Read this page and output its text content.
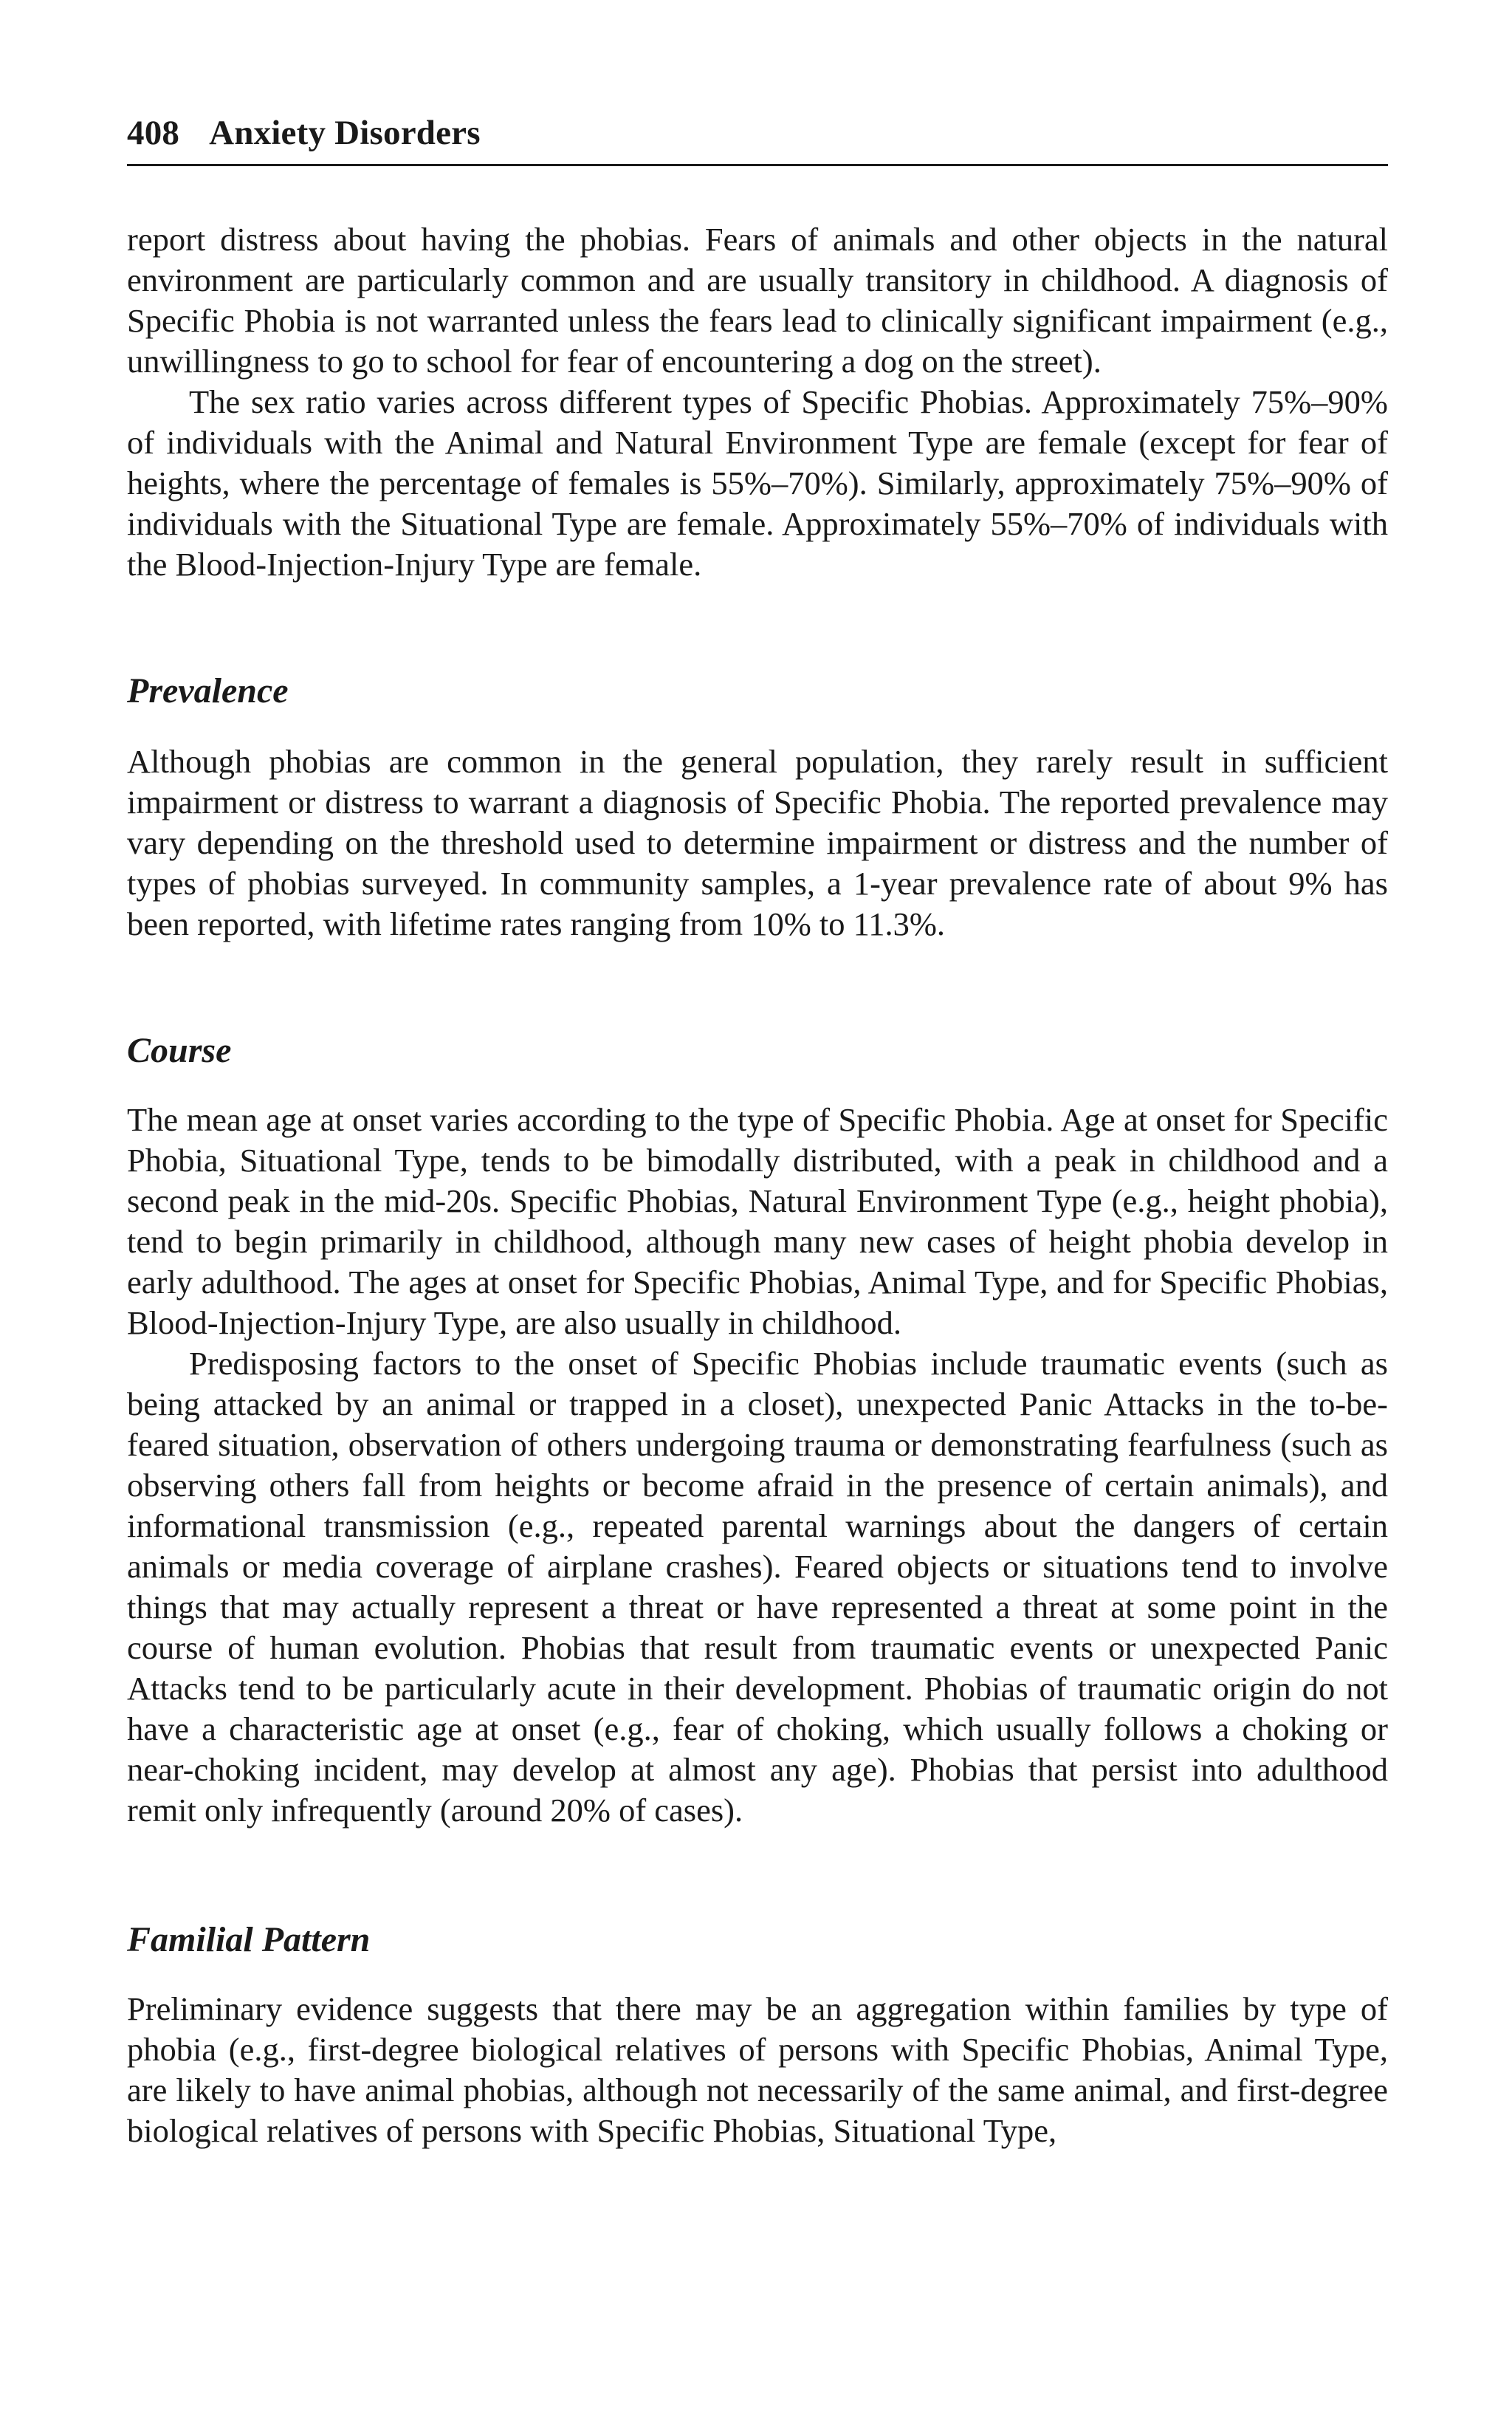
408 Anxiety Disorders

report distress about having the phobias. Fears of animals and other objects in the natural environment are particularly common and are usually transitory in childhood. A diagnosis of Specific Phobia is not warranted unless the fears lead to clinically significant impairment (e.g., unwillingness to go to school for fear of encountering a dog on the street).

The sex ratio varies across different types of Specific Phobias. Approximately 75%–90% of individuals with the Animal and Natural Environment Type are female (except for fear of heights, where the percentage of females is 55%–70%). Similarly, approximately 75%–90% of individuals with the Situational Type are female. Approximately 55%–70% of individuals with the Blood-Injection-Injury Type are female.

Prevalence

Although phobias are common in the general population, they rarely result in sufficient impairment or distress to warrant a diagnosis of Specific Phobia. The reported prevalence may vary depending on the threshold used to determine impairment or distress and the number of types of phobias surveyed. In community samples, a 1-year prevalence rate of about 9% has been reported, with lifetime rates ranging from 10% to 11.3%.

Course

The mean age at onset varies according to the type of Specific Phobia. Age at onset for Specific Phobia, Situational Type, tends to be bimodally distributed, with a peak in childhood and a second peak in the mid-20s. Specific Phobias, Natural Environment Type (e.g., height phobia), tend to begin primarily in childhood, although many new cases of height phobia develop in early adulthood. The ages at onset for Specific Phobias, Animal Type, and for Specific Phobias, Blood-Injection-Injury Type, are also usually in childhood.

Predisposing factors to the onset of Specific Phobias include traumatic events (such as being attacked by an animal or trapped in a closet), unexpected Panic Attacks in the to-be-feared situation, observation of others undergoing trauma or demonstrating fearfulness (such as observing others fall from heights or become afraid in the presence of certain animals), and informational transmission (e.g., repeated parental warnings about the dangers of certain animals or media coverage of airplane crashes). Feared objects or situations tend to involve things that may actually represent a threat or have represented a threat at some point in the course of human evolution. Phobias that result from traumatic events or unexpected Panic Attacks tend to be particularly acute in their development. Phobias of traumatic origin do not have a characteristic age at onset (e.g., fear of choking, which usually follows a choking or near-choking incident, may develop at almost any age). Phobias that persist into adulthood remit only infrequently (around 20% of cases).

Familial Pattern

Preliminary evidence suggests that there may be an aggregation within families by type of phobia (e.g., first-degree biological relatives of persons with Specific Phobias, Animal Type, are likely to have animal phobias, although not necessarily of the same animal, and first-degree biological relatives of persons with Specific Phobias, Situational Type,
